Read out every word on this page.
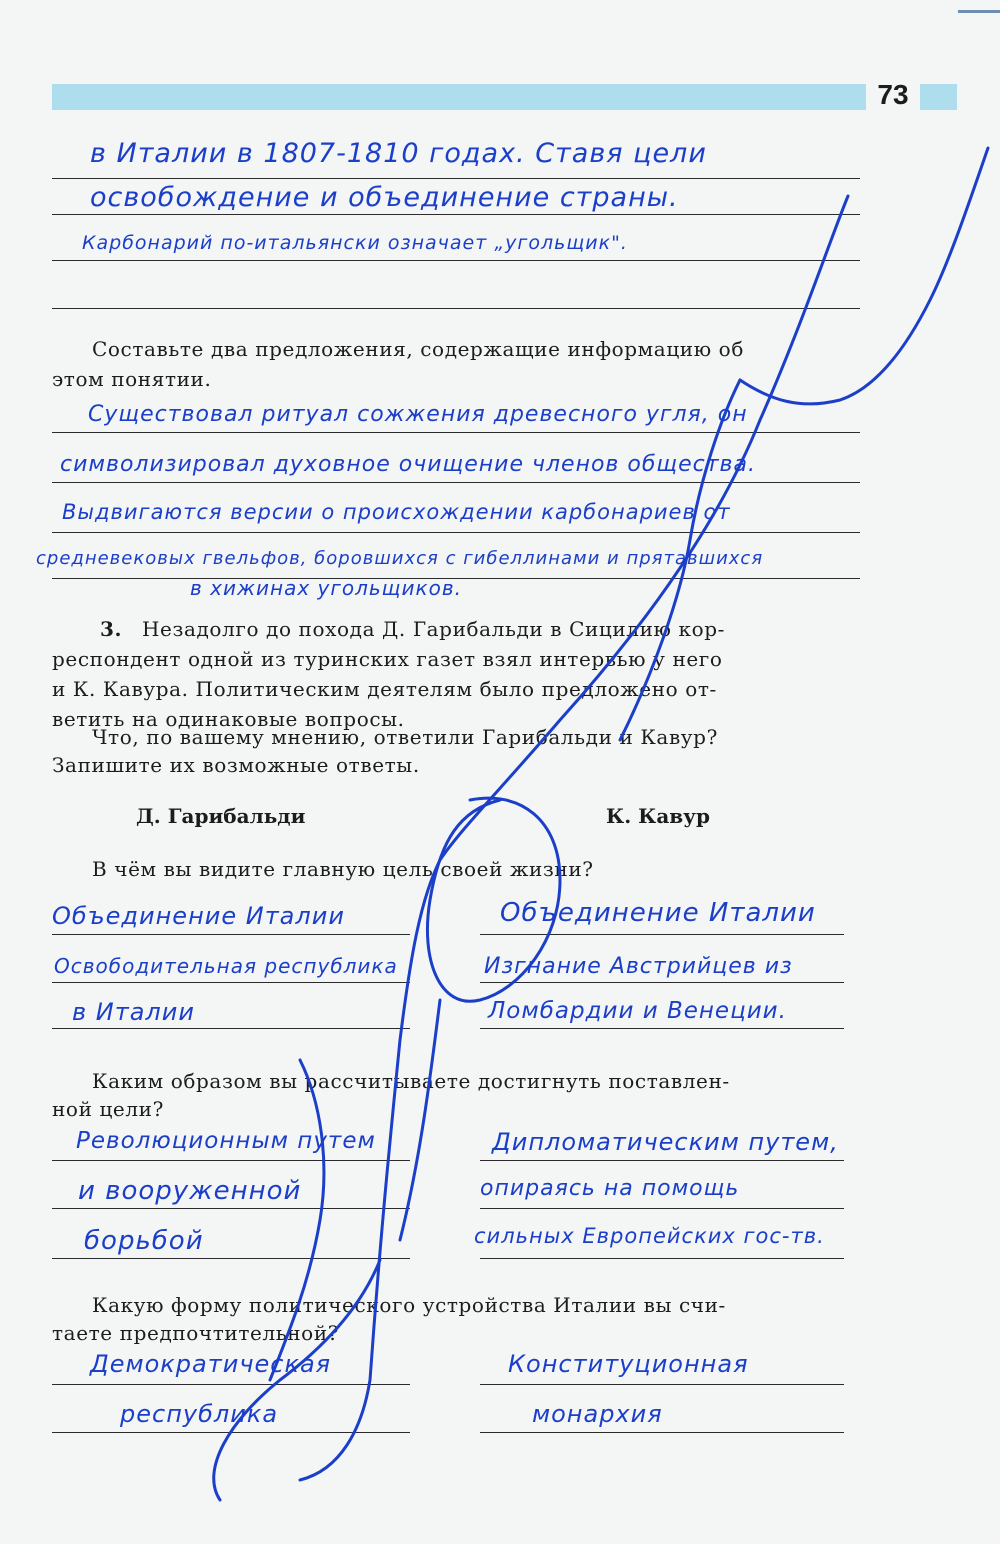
73
в Италии в 1807-1810 годах. Ставя цели
освобождение и объединение страны.
Карбонарий по-итальянски означает „угольщик".
Составьте два предложения, содержащие информацию об
этом понятии.
Существовал ритуал сожжения древесного угля, он
символизировал духовное очищение членов общества.
Выдвигаются версии о происхождении карбонариев от
средневековых гвельфов, боровшихся с гибеллинами и прятавшихся
в хижинах угольщиков.
3. Незадолго до похода Д. Гарибальди в Сицилию кор-
респондент одной из туринских газет взял интервью у него
и К. Кавура. Политическим деятелям было предложено от-
ветить на одинаковые вопросы.
Что, по вашему мнению, ответили Гарибальди и Кавур?
Запишите их возможные ответы.
Д. Гарибальди	К. Кавур
В чём вы видите главную цель своей жизни?
Объединение Италии
Освободительная республика
в Италии
Объединение Италии
Изгнание Австрийцев из
Ломбардии и Венеции.
Каким образом вы рассчитываете достигнуть поставлен-
ной цели?
Революционным путем
и вооруженной
борьбой
Дипломатическим путем,
опираясь на помощь
сильных Европейских гос-тв.
Какую форму политического устройства Италии вы счи-
таете предпочтительной?
Демократическая
республика
Конституционная
монархия
